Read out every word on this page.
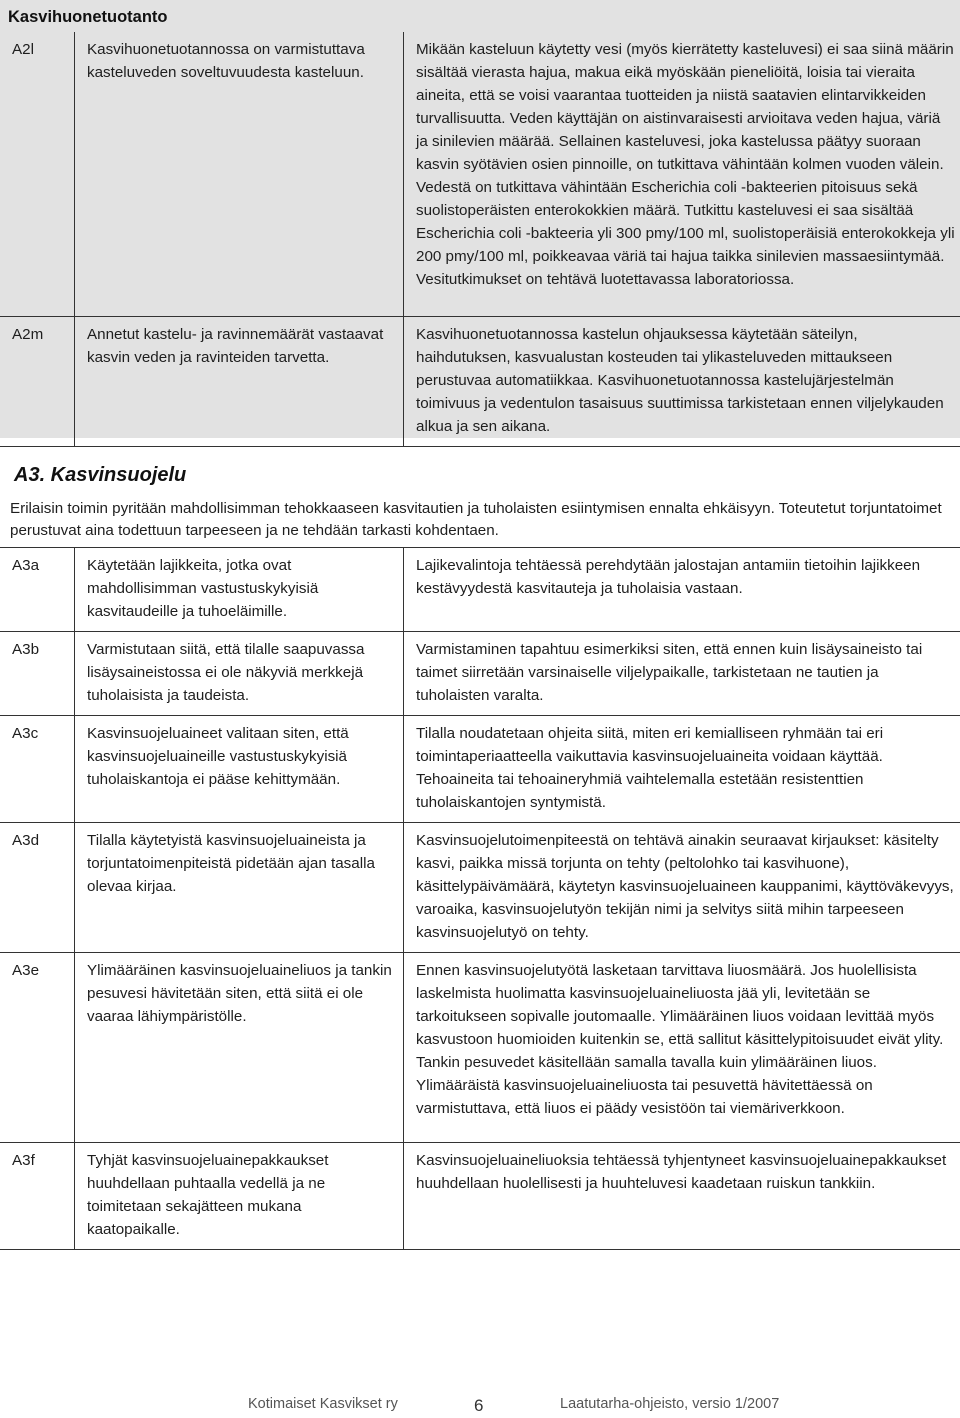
Kasvihuonetuotanto
A2l	Kasvihuonetuotannossa on varmistuttava kasteluveden soveltuvuudesta kasteluun.	Mikään kasteluun käytetty vesi (myös kierrätetty kasteluvesi) ei saa siinä määrin sisältää vierasta hajua, makua eikä myöskään pieneliöitä, loisia tai vieraita aineita, että se voisi vaarantaa tuotteiden ja niistä saatavien elintarvikkeiden turvallisuutta. Veden käyttäjän on aistinvaraisesti arvioitava veden hajua, väriä ja sinilevien määrää. Sellainen kasteluvesi, joka kastelussa päätyy suoraan kasvin syötävien osien pinnoille, on tutkittava vähintään kolmen vuoden välein. Vedestä on tutkittava vähintään Escherichia coli -bakteerien pitoisuus sekä suolistoperäisten enterokokkien määrä. Tutkittu kasteluvesi ei saa sisältää Escherichia coli -bakteeria yli 300 pmy/100 ml, suolistoperäisiä enterokokkeja yli 200 pmy/100 ml, poikkeavaa väriä tai hajua taikka sinilevien massaesiintymää. Vesitutkimukset on tehtävä luotettavassa laboratoriossa.
A2m	Annetut kastelu- ja ravinnemäärät vastaavat kasvin veden ja ravinteiden tarvetta.	Kasvihuonetuotannossa kastelun ohjauksessa käytetään säteilyn, haihdutuksen, kasvualustan kosteuden tai ylikasteluveden mittaukseen perustuvaa automatiikkaa. Kasvihuonetuotannossa kastelujärjestelmän toimivuus ja vedentulon tasaisuus suuttimissa tarkistetaan ennen viljelykauden alkua ja sen aikana.
A3. Kasvinsuojelu
Erilaisin toimin pyritään mahdollisimman tehokkaaseen kasvitautien ja tuholaisten esiintymisen ennalta ehkäisyyn. Toteutetut torjuntatoimet perustuvat aina todettuun tarpeeseen ja ne tehdään tarkasti kohdentaen.
A3a	Käytetään lajikkeita, jotka ovat mahdollisimman vastustuskykyisiä kasvitaudeille ja tuhoeläimille.	Lajikevalintoja tehtäessä perehdytään jalostajan antamiin tietoihin lajikkeen kestävyydestä kasvitauteja ja tuholaisia vastaan.
A3b	Varmistutaan siitä, että tilalle saapuvassa lisäysaineistossa ei ole näkyviä merkkejä tuholaisista ja taudeista.	Varmistaminen tapahtuu esimerkiksi siten, että ennen kuin lisäysaineisto tai taimet siirretään varsinaiselle viljelypaikalle, tarkistetaan ne tautien ja tuholaisten varalta.
A3c	Kasvinsuojeluaineet valitaan siten, että kasvinsuojeluaineille vastustuskykyisiä tuholaiskantoja ei pääse kehittymään.	Tilalla noudatetaan ohjeita siitä, miten eri kemialliseen ryhmään tai eri toimintaperiaatteella vaikuttavia kasvinsuojeluaineita voidaan käyttää. Tehoaineita tai tehoaineryhmiä vaihtelemalla estetään resistenttien tuholaiskantojen syntymistä.
A3d	Tilalla käytetyistä kasvinsuojeluaineista ja torjuntatoimenpiteistä pidetään ajan tasalla olevaa kirjaa.	Kasvinsuojelutoimenpiteestä on tehtävä ainakin seuraavat kirjaukset: käsitelty kasvi, paikka missä torjunta on tehty (peltolohko tai kasvihuone), käsittelypäivämäärä, käytetyn kasvinsuojeluaineen kauppanimi, käyttöväkevyys, varoaika, kasvinsuojelutyön tekijän nimi ja selvitys siitä mihin tarpeeseen kasvinsuojelutyö on tehty.
A3e	Ylimääräinen kasvinsuojeluaineliuos ja tankin pesuvesi hävitetään siten, että siitä ei ole vaaraa lähiympäristölle.	Ennen kasvinsuojelutyötä lasketaan tarvittava liuosmäärä. Jos huolellisista laskelmista huolimatta kasvinsuojeluaineliuosta jää yli, levitetään se tarkoitukseen sopivalle joutomaalle. Ylimääräinen liuos voidaan levittää myös kasvustoon huomioiden kuitenkin se, että sallitut käsittelypitoisuudet eivät ylity. Tankin pesuvedet käsitellään samalla tavalla kuin ylimääräinen liuos. Ylimääräistä kasvinsuojeluaineliuosta tai pesuvettä hävitettäessä on varmistuttava, että liuos ei päädy vesistöön tai viemäriverkkoon.
A3f	Tyhjät kasvinsuojeluainepakkaukset huuhdellaan puhtaalla vedellä ja ne toimitetaan sekajätteen mukana kaatopaikalle.	Kasvinsuojeluaineliuoksia tehtäessä tyhjentyneet kasvinsuojeluainepakkaukset huuhdellaan huolellisesti ja huuhteluvesi kaadetaan ruiskun tankkiin.
Kotimaiset Kasvikset ry	6	Laatutarha-ohjeisto, versio 1/2007
